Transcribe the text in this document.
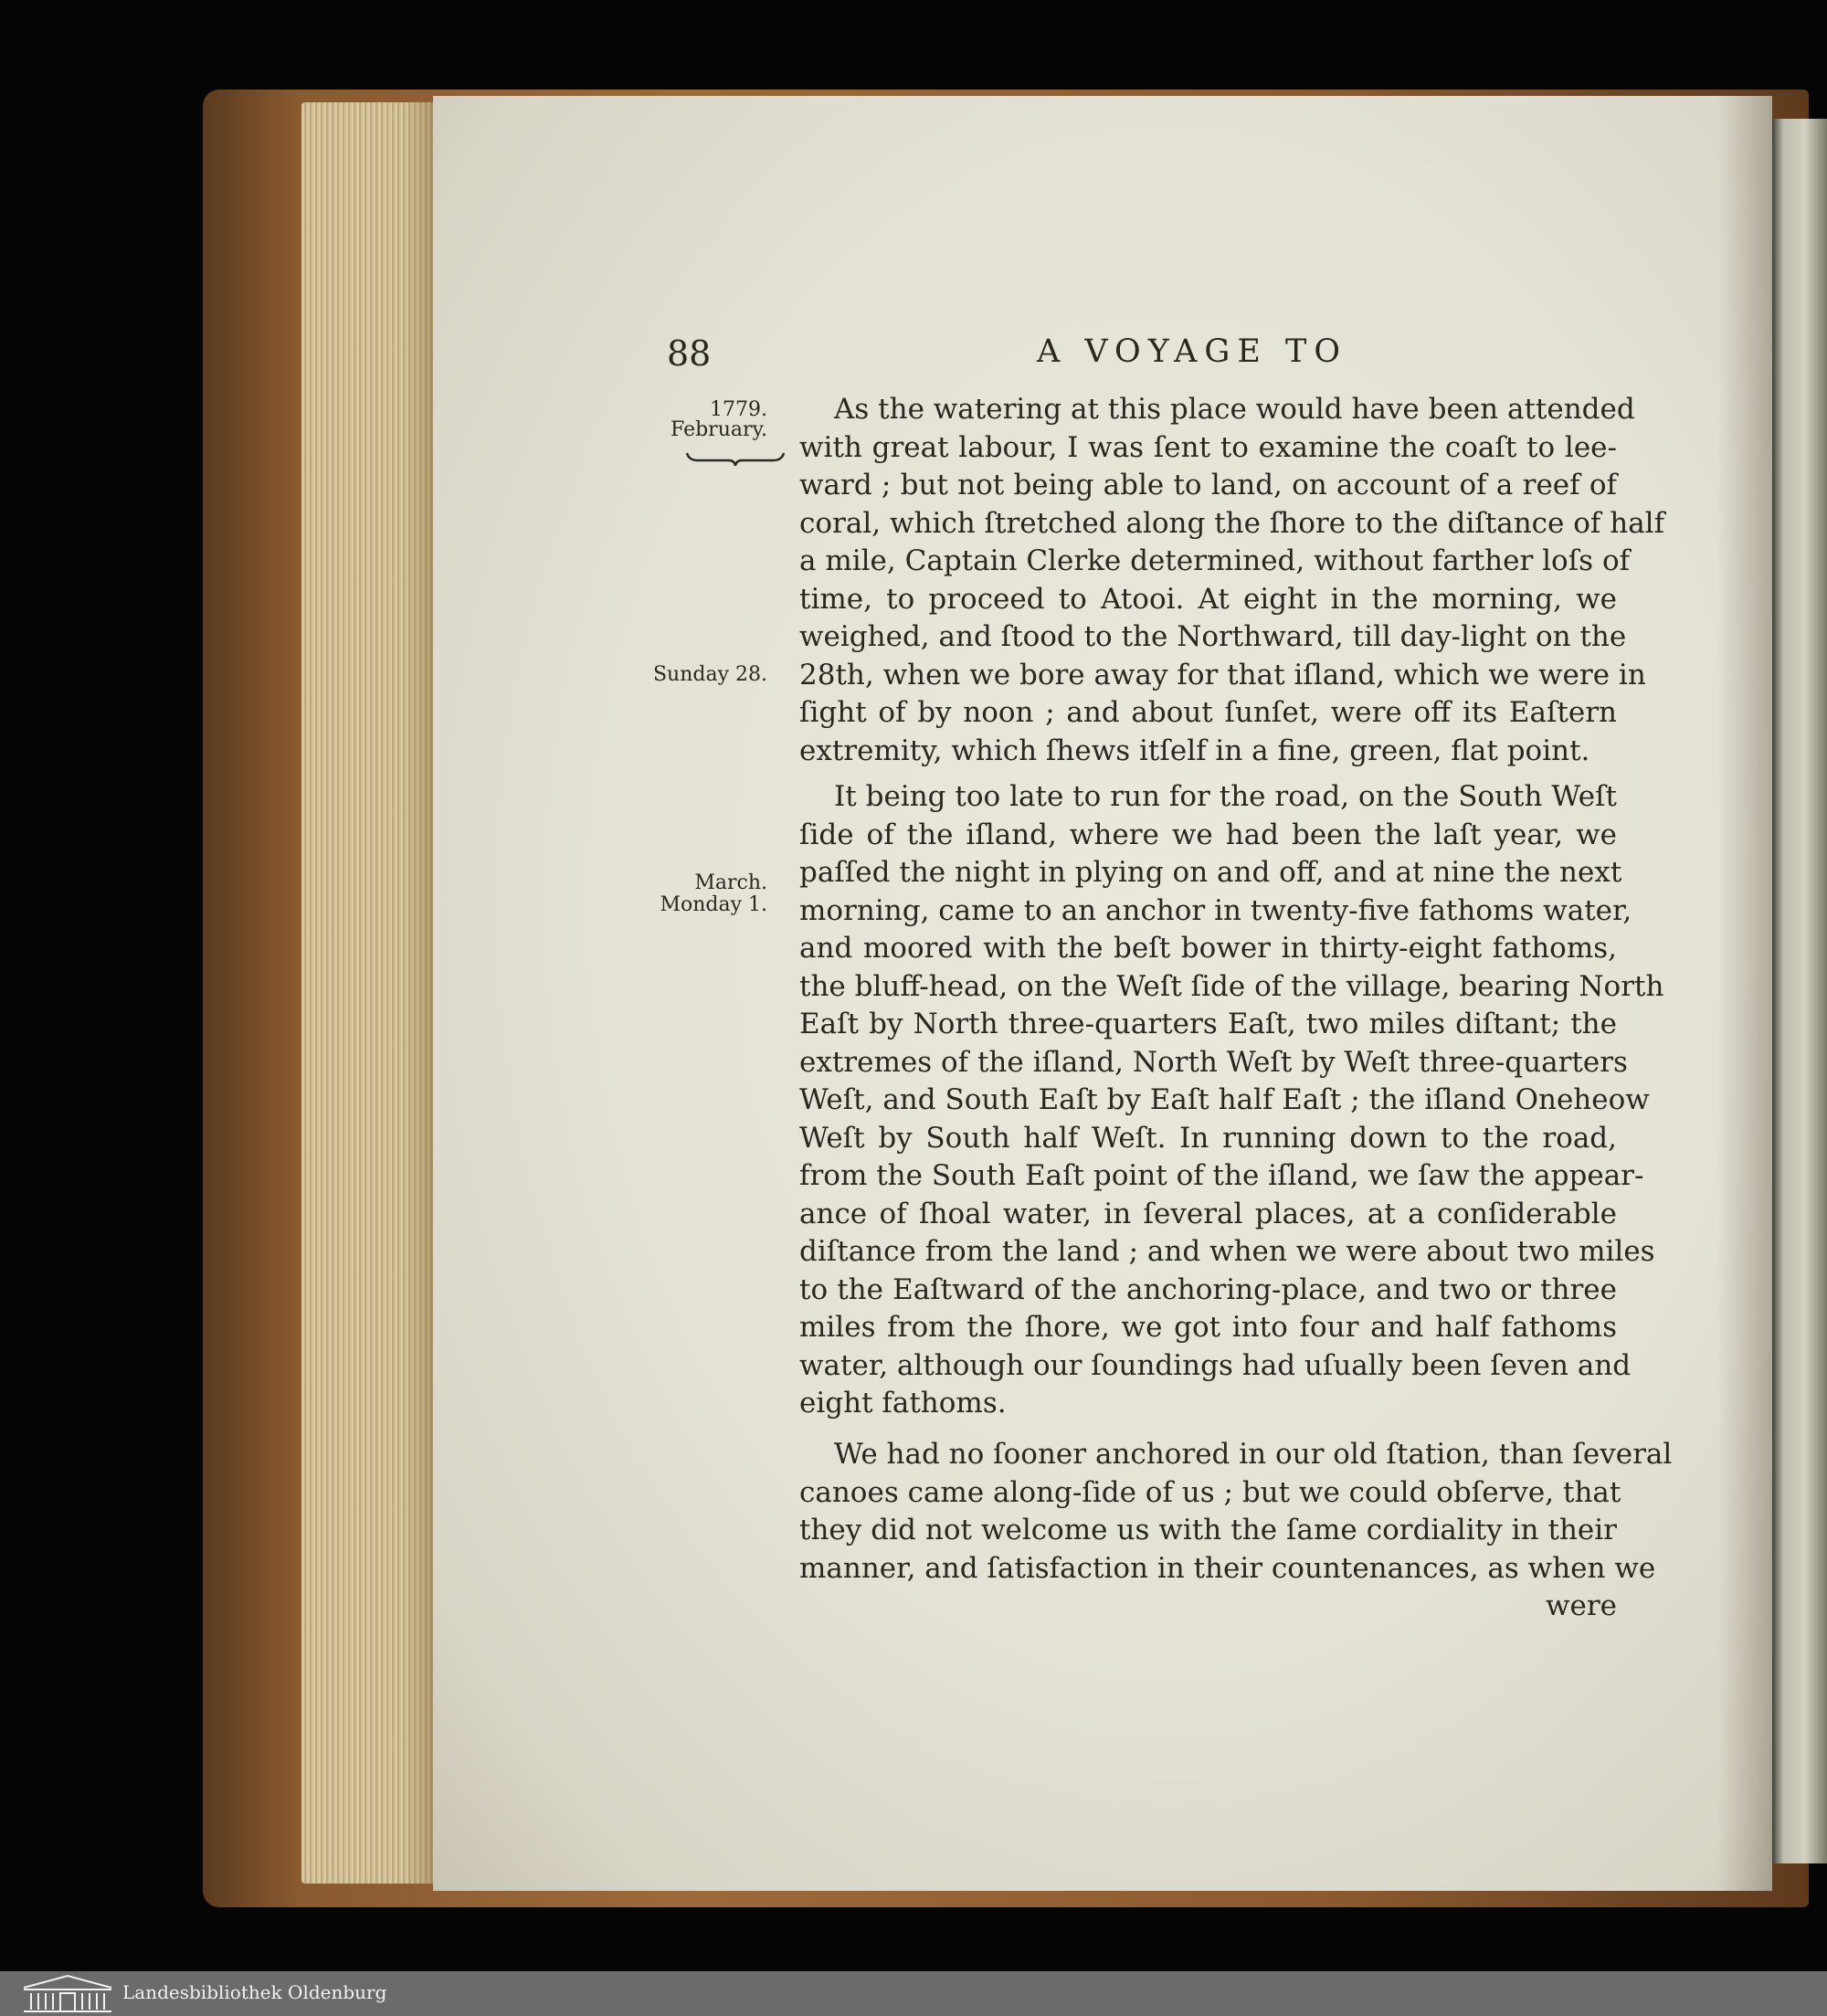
88	A VOYAGE TO
1779.
February.
Sunday 28.
March.
Monday 1.
As the watering at this place would have been attended
with great labour, I was ſent to examine the coaſt to lee-
ward ; but not being able to land, on account of a reef of
coral, which ſtretched along the ſhore to the diſtance of half
a mile, Captain Clerke determined, without farther loſs of
time, to proceed to Atooi. At eight in the morning, we
weighed, and ſtood to the Northward, till day-light on the
28th, when we bore away for that iſland, which we were in
ſight of by noon ; and about ſunſet, were off its Eaſtern
extremity, which ſhews itſelf in a fine, green, flat point.
It being too late to run for the road, on the South Weſt
ſide of the iſland, where we had been the laſt year, we
paſſed the night in plying on and off, and at nine the next
morning, came to an anchor in twenty-five fathoms water,
and moored with the beſt bower in thirty-eight fathoms,
the bluff-head, on the Weſt ſide of the village, bearing North
Eaſt by North three-quarters Eaſt, two miles diſtant; the
extremes of the iſland, North Weſt by Weſt three-quarters
Weſt, and South Eaſt by Eaſt half Eaſt ; the iſland Oneheow
Weſt by South half Weſt. In running down to the road,
from the South Eaſt point of the iſland, we ſaw the appear-
ance of ſhoal water, in ſeveral places, at a conſiderable
diſtance from the land ; and when we were about two miles
to the Eaſtward of the anchoring-place, and two or three
miles from the ſhore, we got into four and half fathoms
water, although our ſoundings had uſually been ſeven and
eight fathoms.
We had no ſooner anchored in our old ſtation, than ſeveral
canoes came along-ſide of us ; but we could obſerve, that
they did not welcome us with the ſame cordiality in their
manner, and ſatisfaction in their countenances, as when we
were
Landesbibliothek Oldenburg
